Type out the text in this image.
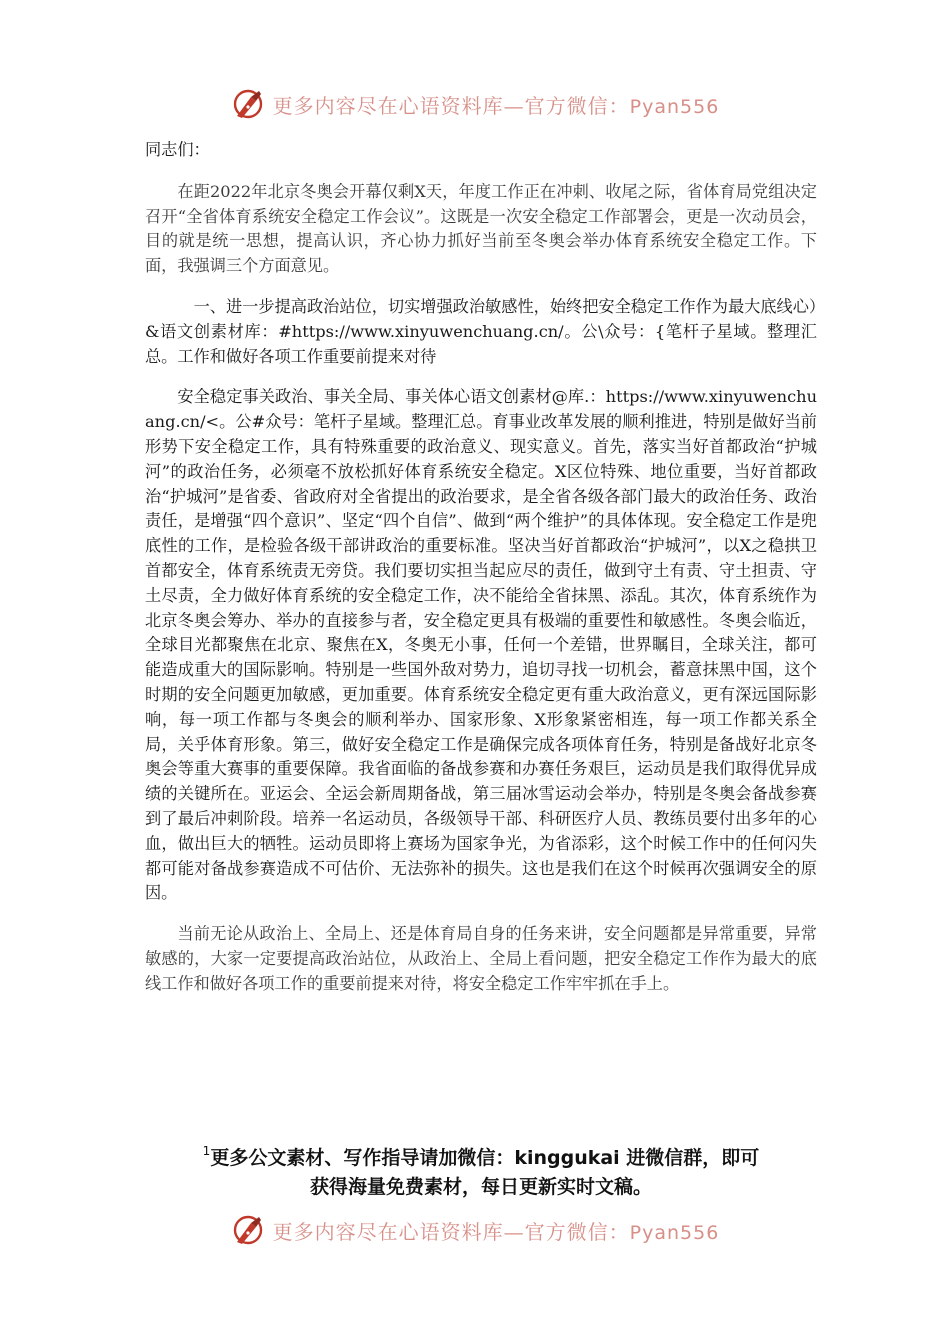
更多内容尽在心语资料库—官方微信：Pyan556

同志们：

在距2022年北京冬奥会开幕仅剩X天，年度工作正在冲刺、收尾之际，省体育局党组决定召开“全省体育系统安全稳定工作会议”。这既是一次安全稳定工作部署会，更是一次动员会，目的就是统一思想，提高认识，齐心协力抓好当前至冬奥会举办体育系统安全稳定工作。下面，我强调三个方面意见。

一、进一步提高政治站位，切实增强政治敏感性，始终把安全稳定工作作为最大底线心）&语文创素材库：#https://www.xinyuwenchuang.cn/。公\众号：{笔杆子星域。整理汇总。工作和做好各项工作重要前提来对待

安全稳定事关政治、事关全局、事关体心语文创素材@库.：https://www.xinyuwenchuang.cn/<。公#众号：笔杆子星域。整理汇总。育事业改革发展的顺利推进，特别是做好当前形势下安全稳定工作，具有特殊重要的政治意义、现实意义。首先，落实当好首都政治“护城河”的政治任务，必须毫不放松抓好体育系统安全稳定。X区位特殊、地位重要，当好首都政治“护城河”是省委、省政府对全省提出的政治要求，是全省各级各部门最大的政治任务、政治责任，是增强“四个意识”、坚定“四个自信”、做到“两个维护”的具体体现。安全稳定工作是兜底性的工作，是检验各级干部讲政治的重要标准。坚决当好首都政治“护城河”，以X之稳拱卫首都安全，体育系统责无旁贷。我们要切实担当起应尽的责任，做到守土有责、守土担责、守土尽责，全力做好体育系统的安全稳定工作，决不能给全省抹黑、添乱。其次，体育系统作为北京冬奥会筹办、举办的直接参与者，安全稳定更具有极端的重要性和敏感性。冬奥会临近，全球目光都聚焦在北京、聚焦在X，冬奥无小事，任何一个差错，世界瞩目，全球关注，都可能造成重大的国际影响。特别是一些国外敌对势力，追切寻找一切机会，蓄意抹黑中国，这个时期的安全问题更加敏感，更加重要。体育系统安全稳定更有重大政治意义，更有深远国际影响，每一项工作都与冬奥会的顺利举办、国家形象、X形象紧密相连，每一项工作都关系全局，关乎体育形象。第三，做好安全稳定工作是确保完成各项体育任务，特别是备战好北京冬奥会等重大赛事的重要保障。我省面临的备战参赛和办赛任务艰巨，运动员是我们取得优异成绩的关键所在。亚运会、全运会新周期备战，第三届冰雪运动会举办，特别是冬奥会备战参赛到了最后冲刺阶段。培养一名运动员，各级领导干部、科研医疗人员、教练员要付出多年的心血，做出巨大的牺牲。运动员即将上赛场为国家争光，为省添彩，这个时候工作中的任何闪失都可能对备战参赛造成不可估价、无法弥补的损失。这也是我们在这个时候再次强调安全的原因。

当前无论从政治上、全局上、还是体育局自身的任务来讲，安全问题都是异常重要，异常敏感的，大家一定要提高政治站位，从政治上、全局上看问题，把安全稳定工作作为最大的底线工作和做好各项工作的重要前提来对待，将安全稳定工作牢牢抓在手上。

$^1$更多公文素材、写作指导请加微信：kinggukai 进微信群，即可
获得海量免费素材，每日更新实时文稿。
更多内容尽在心语资料库—官方微信：Pyan556
